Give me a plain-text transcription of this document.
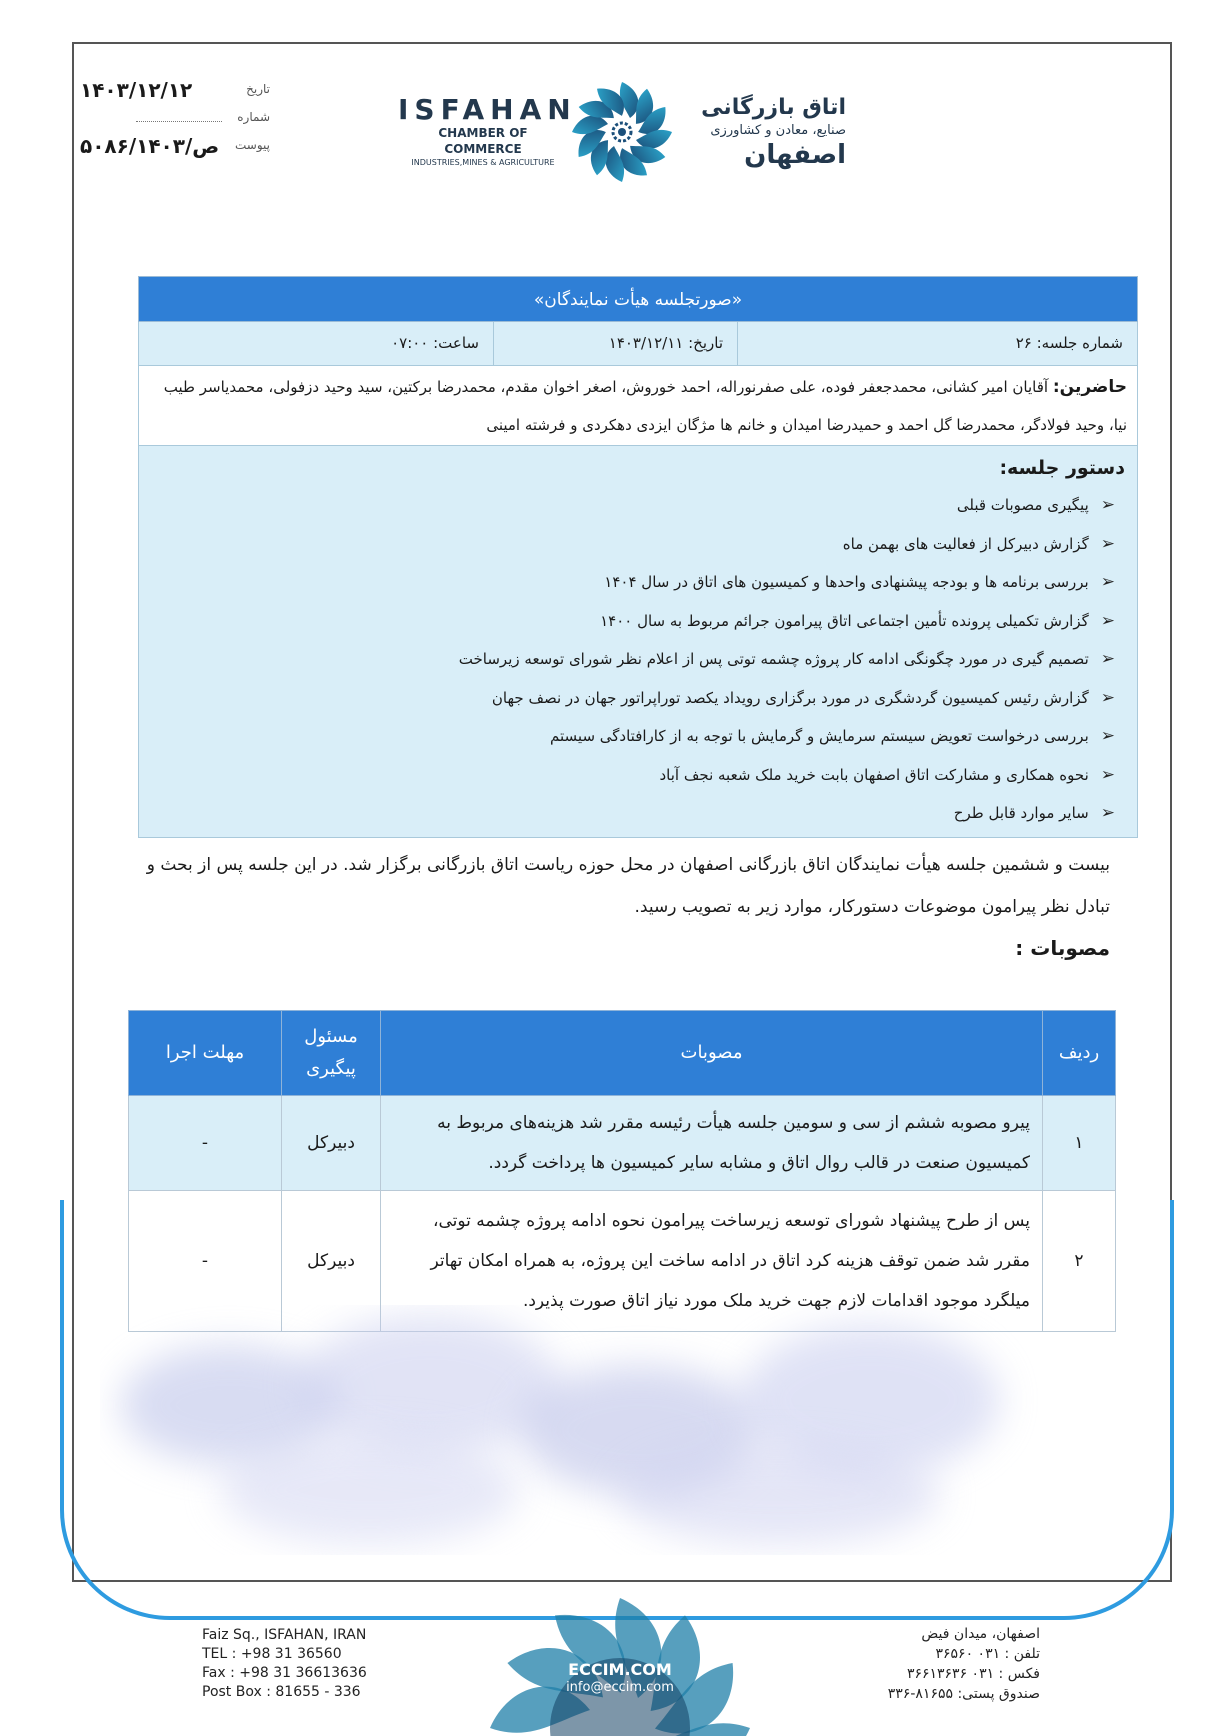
۱۴۰۳/۱۲/۱۲	تاریخ
شماره
۵۰۸۶/ص/۱۴۰۳ پیوست
ISFAHAN
CHAMBER OF COMMERCE
INDUSTRIES,MINES & AGRICULTURE
اتاق بازرگانی
صنایع، معادن و کشاورزی
اصفهان
«صورتجلسه هیأت نمایندگان»
شماره جلسه: ۲۶
تاریخ: ۱۴۰۳/۱۲/۱۱
ساعت: ۰۷:۰۰
حاضرین: آقایان امیر کشانی، محمدجعفر فوده، علی صفرنوراله، احمد خوروش، اصغر اخوان مقدم، محمدرضا برکتین، سید وحید دزفولی، محمدیاسر طیب نیا، وحید فولادگر، محمدرضا گل احمد و حمیدرضا امیدان و خانم ها مژگان ایزدی دهکردی و فرشته امینی
دستور جلسه:
➢
پیگیری مصوبات قبلی
➢
گزارش دبیرکل از فعالیت های بهمن ماه
➢
بررسی برنامه ها و بودجه پیشنهادی واحدها و کمیسیون های اتاق در سال ۱۴۰۴
➢
گزارش تکمیلی پرونده تأمین اجتماعی اتاق پیرامون جرائم مربوط به سال ۱۴۰۰
➢
تصمیم گیری در مورد چگونگی ادامه کار پروژه چشمه توتی پس از اعلام نظر شورای توسعه زیرساخت
➢
گزارش رئیس کمیسیون گردشگری در مورد برگزاری رویداد یکصد توراپراتور جهان در نصف جهان
➢
بررسی درخواست تعویض سیستم سرمایش و گرمایش با توجه به از کارافتادگی سیستم
➢
نحوه همکاری و مشارکت اتاق اصفهان بابت خرید ملک شعبه نجف آباد
➢
سایر موارد قابل طرح
بیست و ششمین جلسه هیأت نمایندگان اتاق بازرگانی اصفهان در محل حوزه ریاست اتاق بازرگانی برگزار شد. در این جلسه پس از بحث و تبادل نظر پیرامون موضوعات دستورکار، موارد زیر به تصویب رسید.
مصوبات :
ردیف	مصوبات	مسئول پیگیری	مهلت اجرا
۱	پیرو مصوبه ششم از سی و سومین جلسه هیأت رئیسه مقرر شد هزینه‌های مربوط به کمیسیون صنعت در قالب روال اتاق و مشابه سایر کمیسیون ها پرداخت گردد.	دبیرکل	-
۲	پس از طرح پیشنهاد شورای توسعه زیرساخت پیرامون نحوه ادامه پروژه چشمه توتی، مقرر شد ضمن توقف هزینه کرد اتاق در ادامه ساخت این پروژه، به همراه امکان تهاتر میلگرد موجود اقدامات لازم جهت خرید ملک مورد نیاز اتاق صورت پذیرد.	دبیرکل	-
Faiz Sq., ISFAHAN, IRAN
TEL : +98 31 36560
Fax : +98 31 36613636
Post Box : 81655 - 336
ECCIM.COM
info@eccim.com
اصفهان، میدان فیض
تلفن : ۰۳۱ ۳۶۵۶۰
فکس : ۰۳۱ ۳۶۶۱۳۶۳۶
صندوق پستی: ۸۱۶۵۵-۳۳۶
